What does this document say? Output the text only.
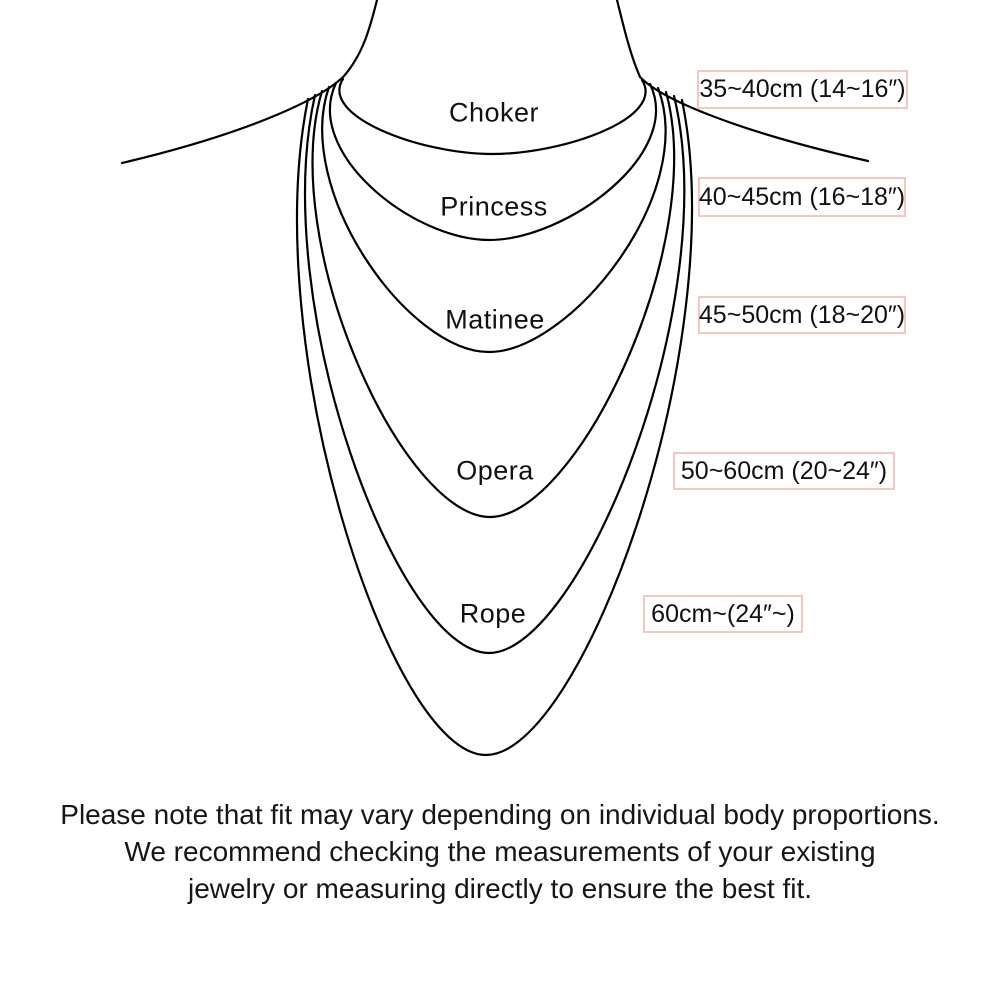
Choker
Princess
Matinee
Opera
Rope
35~40cm (14~16″)
40~45cm (16~18″)
45~50cm (18~20″)
50~60cm (20~24″)
60cm~(24″~)
Please note that fit may vary depending on individual body proportions.
We recommend checking the measurements of your existing
jewelry or measuring directly to ensure the best fit.
